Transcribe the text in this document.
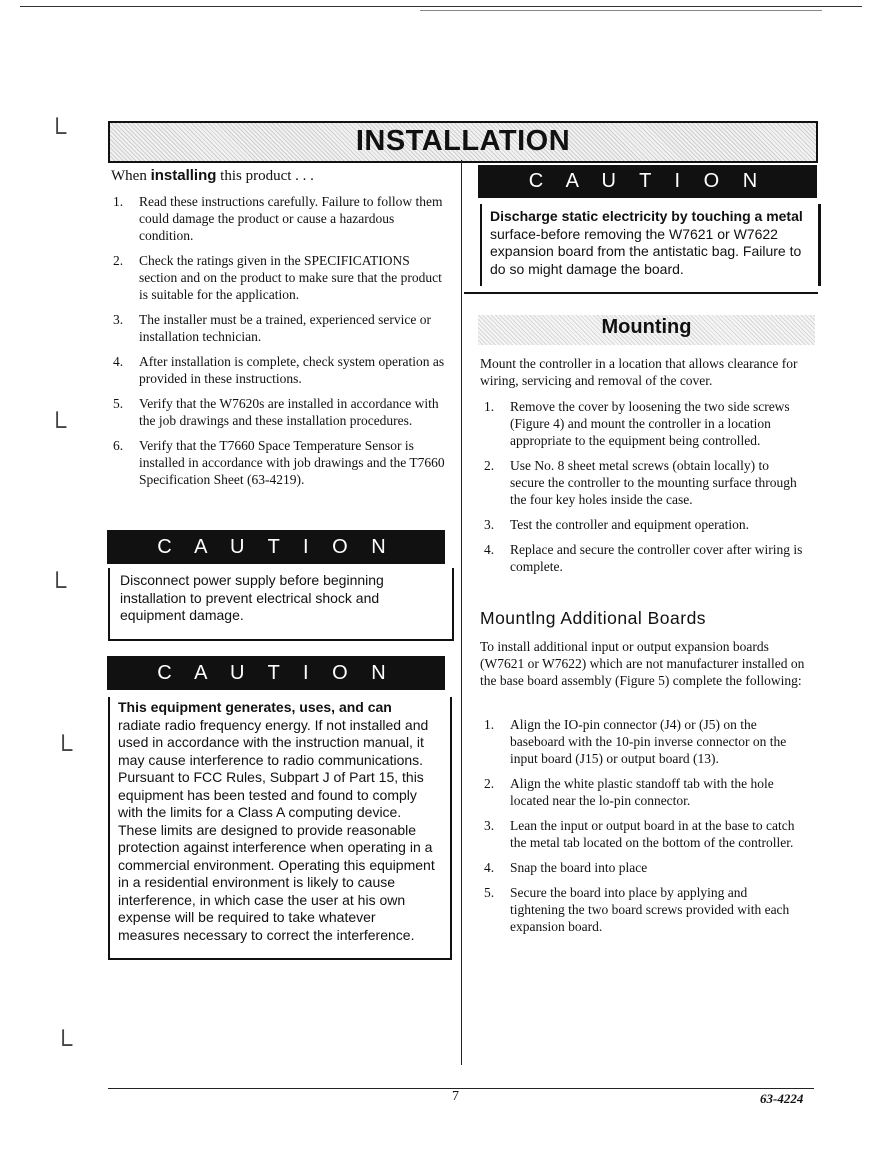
└
└
└
└
└
INSTALLATION
When installing this product . . .
1. Read these instructions carefully. Failure to follow them could damage the product or cause a hazardous condition.
2. Check the ratings given in the SPECIFICATIONS section and on the product to make sure that the product is suitable for the application.
3. The installer must be a trained, experienced service or installation technician.
4. After installation is complete, check system operation as provided in these instructions.
5. Verify that the W7620s are installed in accordance with the job drawings and these installation procedures.
6. Verify that the T7660 Space Temperature Sensor is installed in accordance with job drawings and the T7660 Specification Sheet (63-4219).
C A U T I O N
Disconnect power supply before beginning installation to prevent electrical shock and equipment damage.
C A U T I O N
This equipment generates, uses, and can
radiate radio frequency energy. If not installed and used in accordance with the instruction manual, it may cause interference to radio communications. Pursuant to FCC Rules, Subpart J of Part 15, this equipment has been tested and found to comply with the limits for a Class A computing device. These limits are designed to provide reasonable protection against interference when operating in a commercial environment. Operating this equipment in a residential environment is likely to cause interference, in which case the user at his own expense will be required to take whatever measures necessary to correct the interference.
C A U T I O N
Discharge static electricity by touching a metal
surface-before removing the W7621 or W7622 expansion board from the antistatic bag. Failure to do so might damage the board.
Mounting
Mount the controller in a location that allows clearance for wiring, servicing and removal of the cover.
1. Remove the cover by loosening the two side screws (Figure 4) and mount the controller in a location appropriate to the equipment being controlled.
2. Use No. 8 sheet metal screws (obtain locally) to secure the controller to the mounting surface through the four key holes inside the case.
3. Test the controller and equipment operation.
4. Replace and secure the controller cover after wiring is complete.
Mountlng Additional Boards
To install additional input or output expansion boards (W7621 or W7622) which are not manufacturer installed on the base board assembly (Figure 5) complete the following:
1. Align the IO-pin connector (J4) or (J5) on the baseboard with the 10-pin inverse connector on the input board (J15) or output board (13).
2. Align the white plastic standoff tab with the hole located near the lo-pin connector.
3. Lean the input or output board in at the base to catch the metal tab located on the bottom of the controller.
4. Snap the board into place
5. Secure the board into place by applying and tightening the two board screws provided with each expansion board.
7	63-4224
